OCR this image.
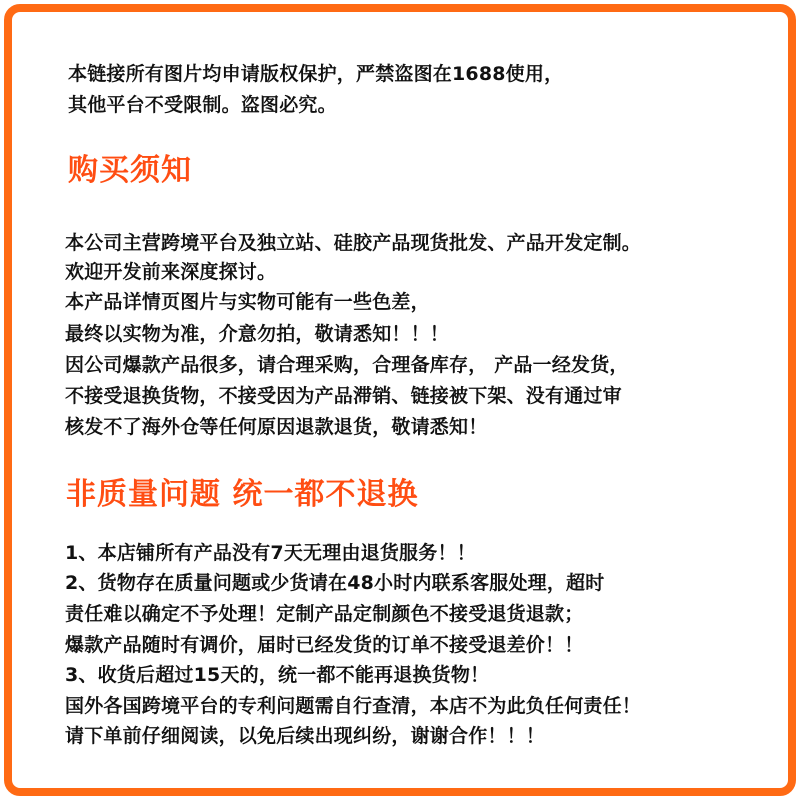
本链接所有图片均申请版权保护，严禁盗图在1688使用，
其他平台不受限制。盗图必究。
购买须知
本公司主营跨境平台及独立站、硅胶产品现货批发、产品开发定制。
欢迎开发前来深度探讨。
本产品详情页图片与实物可能有一些色差，
最终以实物为准，介意勿拍，敬请悉知！！！
因公司爆款产品很多，请合理采购，合理备库存， 产品一经发货，
不接受退换货物，不接受因为产品滞销、链接被下架、没有通过审
核发不了海外仓等任何原因退款退货，敬请悉知！
非质量问题 统一都不退换
1、本店铺所有产品没有7天无理由退货服务！！
2、货物存在质量问题或少货请在48小时内联系客服处理，超时
责任难以确定不予处理！定制产品定制颜色不接受退货退款；
爆款产品随时有调价，届时已经发货的订单不接受退差价！！
3、收货后超过15天的，统一都不能再退换货物！
国外各国跨境平台的专利问题需自行查清，本店不为此负任何责任！
请下单前仔细阅读，以免后续出现纠纷，谢谢合作！！！
